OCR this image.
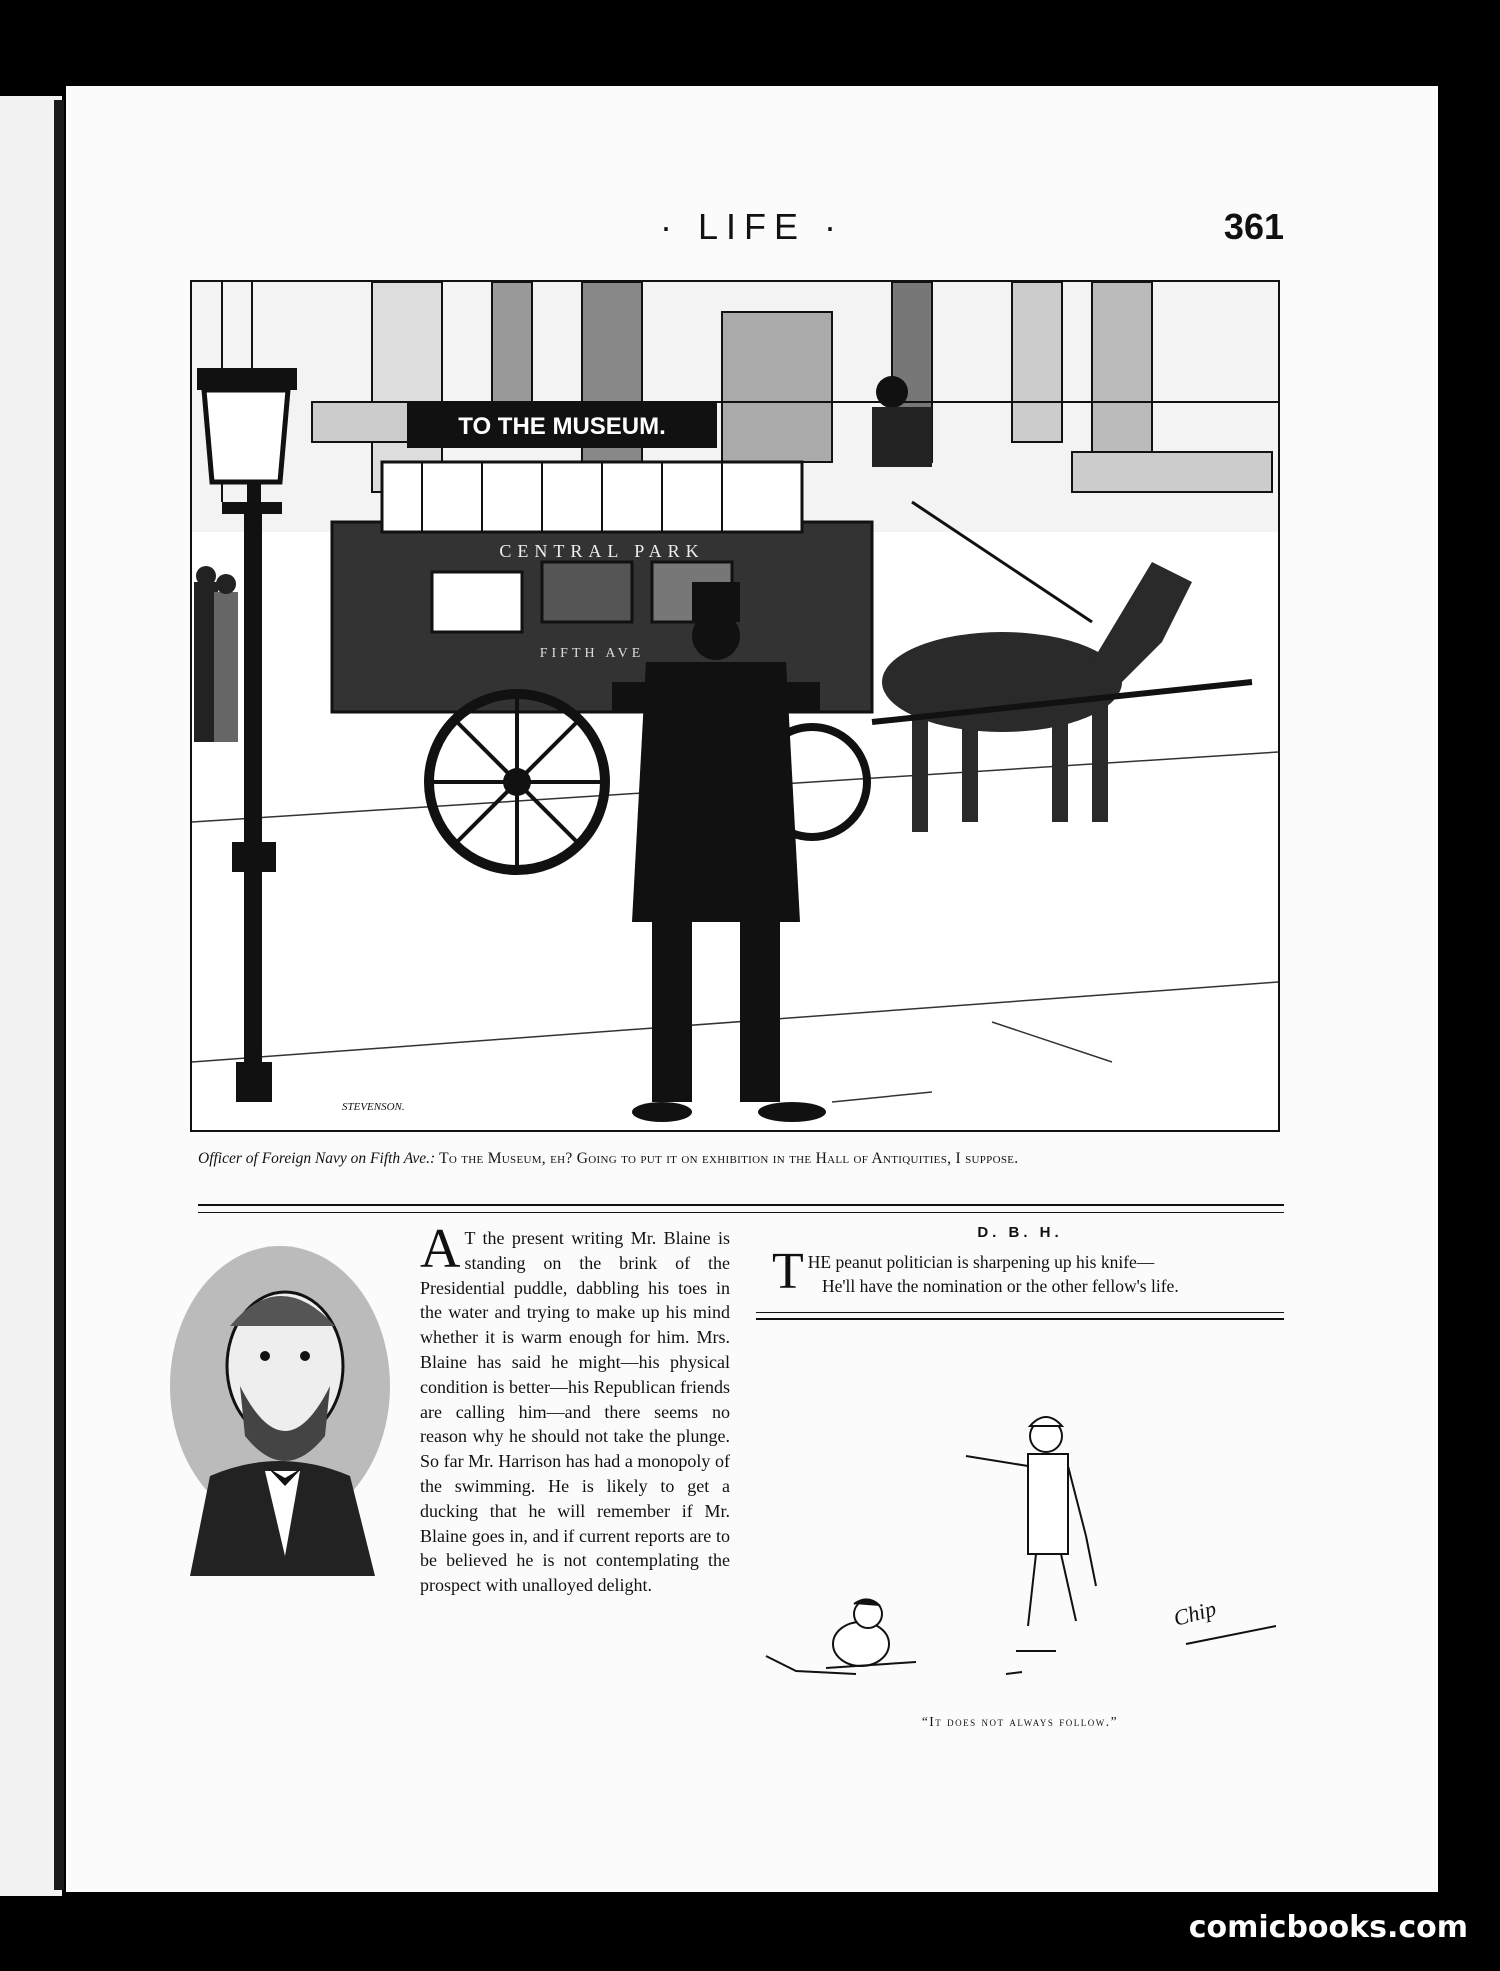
· LIFE ·	361
TO THE MUSEUM.
CENTRAL PARK
FIFTH AVE
STEVENSON.
Officer of Foreign Navy on Fifth Ave.: To the Museum, eh? Going to put it on exhibition in the Hall of Antiquities, I suppose.
A T the present writing Mr. Blaine is standing on the brink of the Presidential puddle, dabbling his toes in the water and trying to make up his mind whether it is warm enough for him. Mrs. Blaine has said he might—his physical condition is better—his Republican friends are calling him—and there seems no reason why he should not take the plunge. So far Mr. Harrison has had a monopoly of the swimming. He is likely to get a ducking that he will remember if Mr. Blaine goes in, and if current reports are to be believed he is not contemplating the prospect with unalloyed delight.
D. B. H.
T HE peanut politician is sharpening up his knife—
He'll have the nomination or the other fellow's life.
Chip
“It does not always follow.”
comicbooks.com
